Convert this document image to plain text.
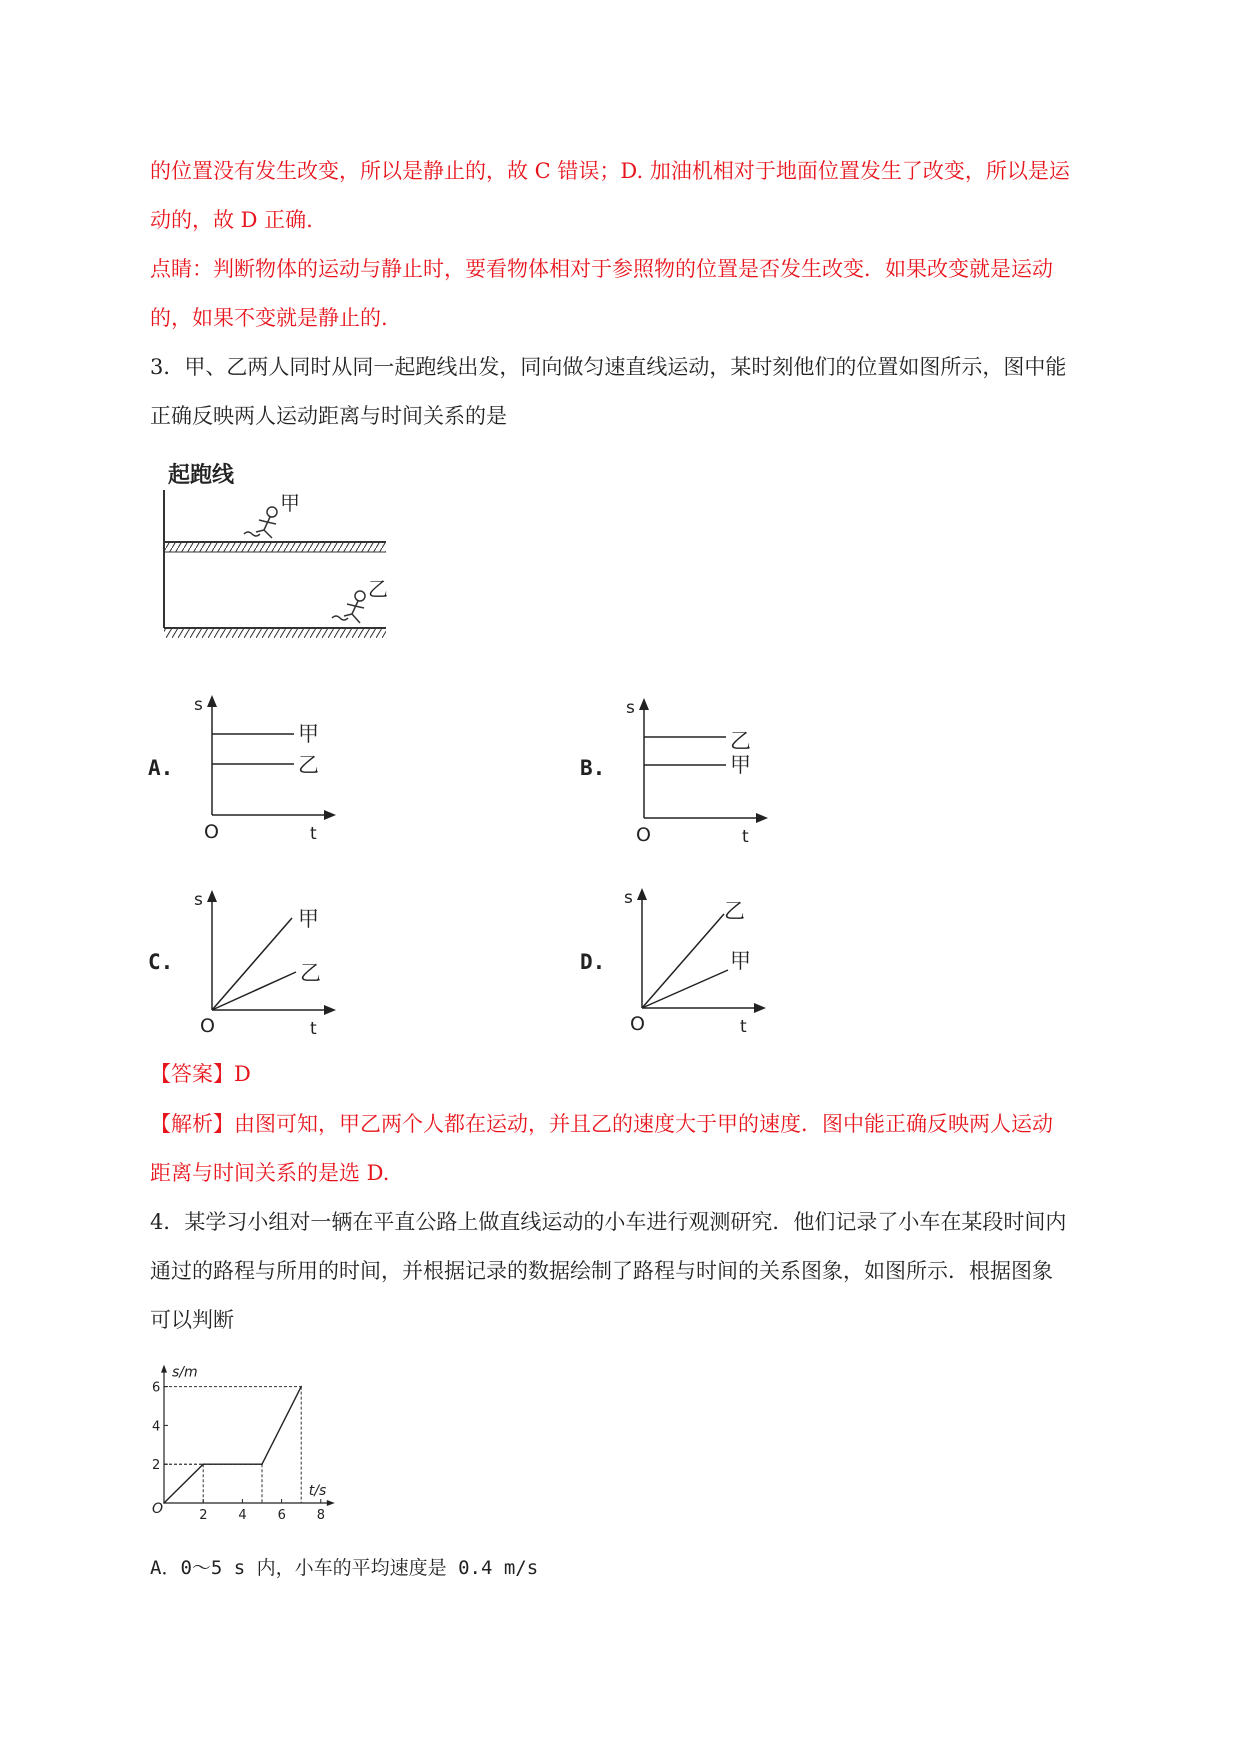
的位置没有发生改变，所以是静止的，故 C 错误；D. 加油机相对于地面位置发生了改变，所以是运
动的，故 D 正确.
点睛：判断物体的运动与静止时，要看物体相对于参照物的位置是否发生改变．如果改变就是运动
的，如果不变就是静止的.
3．甲、乙两人同时从同一起跑线出发，同向做匀速直线运动，某时刻他们的位置如图所示，图中能
正确反映两人运动距离与时间关系的是
起跑线
甲
乙
A.
s
O	t
甲
乙	B.
s
O	t
乙
甲
C.
s
O	t
甲
乙	D.
s
O	t
乙
甲
【答案】D
【解析】由图可知，甲乙两个人都在运动，并且乙的速度大于甲的速度．图中能正确反映两人运动
距离与时间关系的是选 D.
4．某学习小组对一辆在平直公路上做直线运动的小车进行观测研究．他们记录了小车在某段时间内
通过的路程与所用的时间，并根据记录的数据绘制了路程与时间的关系图象，如图所示．根据图象
可以判断
s/m
t/s
O	2 4 6 8
2
4
6
A．0～5 s 内，小车的平均速度是 0.4 m/s
